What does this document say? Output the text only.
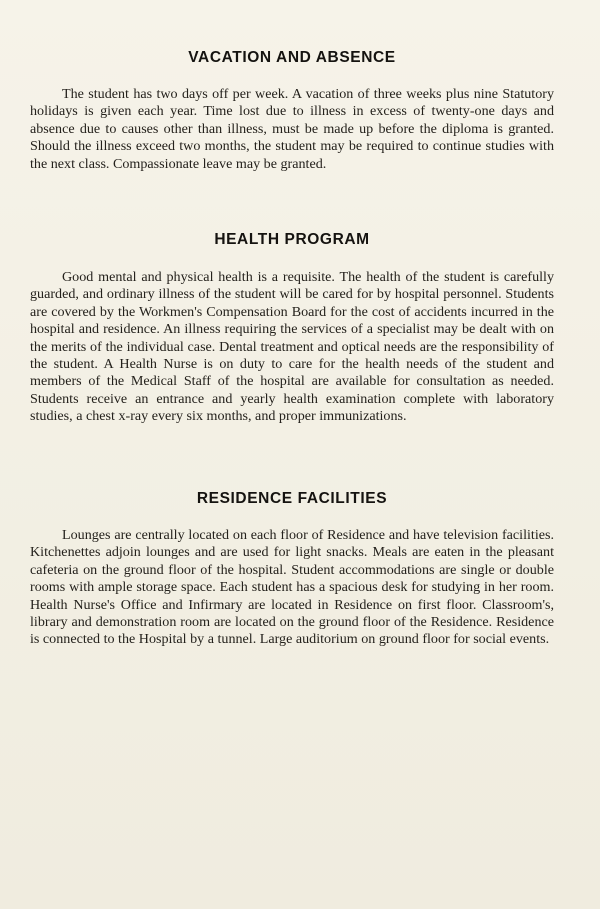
VACATION AND ABSENCE

The student has two days off per week. A vacation of three weeks plus nine Statutory holidays is given each year. Time lost due to illness in excess of twenty-one days and absence due to causes other than illness, must be made up before the diploma is granted. Should the illness exceed two months, the student may be required to continue studies with the next class. Compassionate leave may be granted.

HEALTH PROGRAM

Good mental and physical health is a requisite. The health of the student is carefully guarded, and ordinary illness of the student will be cared for by hospital personnel. Students are covered by the Workmen's Compensation Board for the cost of accidents incurred in the hospital and residence. An illness requiring the services of a specialist may be dealt with on the merits of the individual case. Dental treatment and optical needs are the responsibility of the student. A Health Nurse is on duty to care for the health needs of the student and members of the Medical Staff of the hospital are available for consultation as needed. Students receive an entrance and yearly health examination complete with laboratory studies, a chest x-ray every six months, and proper immunizations.

RESIDENCE FACILITIES

Lounges are centrally located on each floor of Residence and have television facilities. Kitchenettes adjoin lounges and are used for light snacks. Meals are eaten in the pleasant cafeteria on the ground floor of the hospital. Student accommodations are single or double rooms with ample storage space. Each student has a spacious desk for studying in her room. Health Nurse's Office and Infirmary are located in Residence on first floor. Classroom's, library and demonstration room are located on the ground floor of the Residence. Residence is connected to the Hospital by a tunnel. Large auditorium on ground floor for social events.
